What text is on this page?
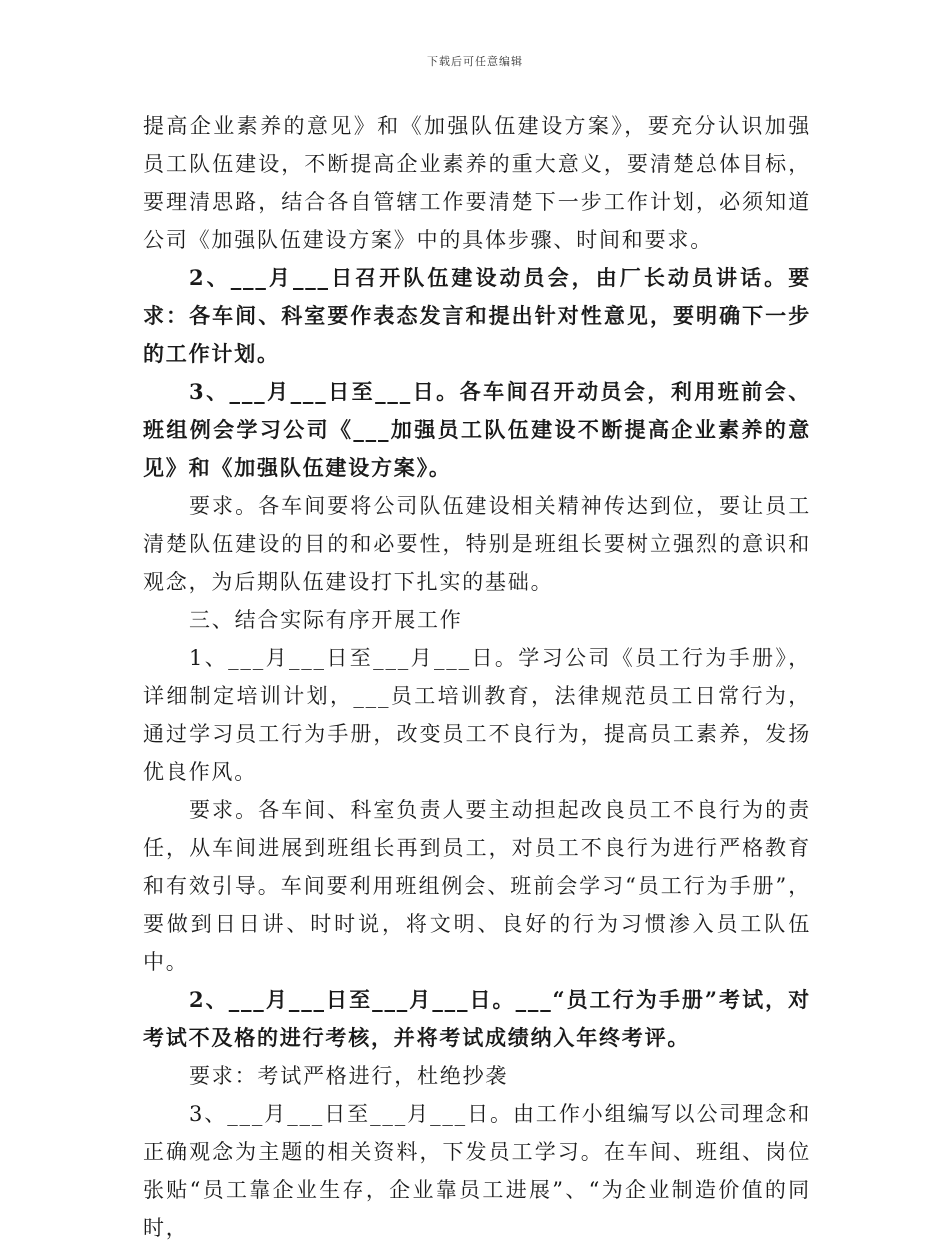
下载后可任意编辑

提高企业素养的意见》和《加强队伍建设方案》，要充分认识加强员工队伍建设，不断提高企业素养的重大意义，要清楚总体目标，要理清思路，结合各自管辖工作要清楚下一步工作计划，必须知道公司《加强队伍建设方案》中的具体步骤、时间和要求。

2、___月___日召开队伍建设动员会，由厂长动员讲话。要求：各车间、科室要作表态发言和提出针对性意见，要明确下一步的工作计划。

3、___月___日至___日。各车间召开动员会，利用班前会、班组例会学习公司《___加强员工队伍建设不断提高企业素养的意见》和《加强队伍建设方案》。

要求。各车间要将公司队伍建设相关精神传达到位，要让员工清楚队伍建设的目的和必要性，特别是班组长要树立强烈的意识和观念，为后期队伍建设打下扎实的基础。

三、结合实际有序开展工作

1、___月___日至___月___日。学习公司《员工行为手册》，详细制定培训计划，___员工培训教育，法律规范员工日常行为，通过学习员工行为手册，改变员工不良行为，提高员工素养，发扬优良作风。

要求。各车间、科室负责人要主动担起改良员工不良行为的责任，从车间进展到班组长再到员工，对员工不良行为进行严格教育和有效引导。车间要利用班组例会、班前会学习“员工行为手册”，要做到日日讲、时时说，将文明、良好的行为习惯渗入员工队伍中。

2、___月___日至___月___日。___“员工行为手册”考试，对考试不及格的进行考核，并将考试成绩纳入年终考评。

要求：考试严格进行，杜绝抄袭

3、___月___日至___月___日。由工作小组编写以公司理念和正确观念为主题的相关资料，下发员工学习。在车间、班组、岗位张贴“员工靠企业生存，企业靠员工进展”、“为企业制造价值的同时，
